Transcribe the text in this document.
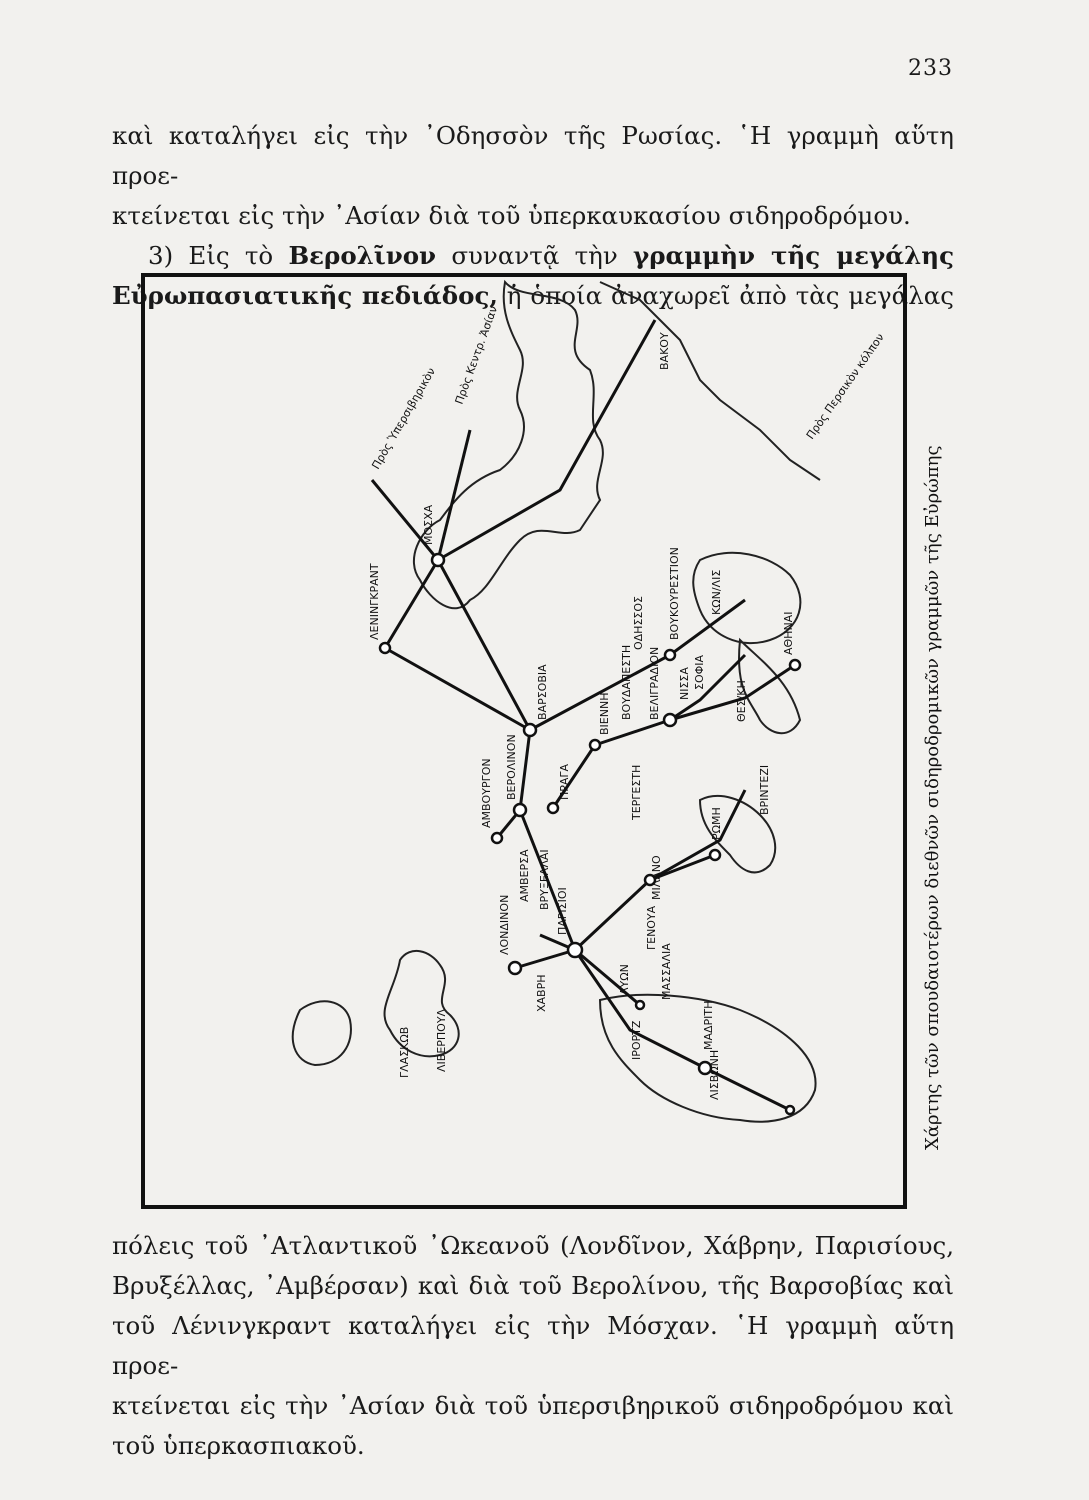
233

καὶ καταλήγει εἰς τὴν ᾿Οδησσὸν τῆς Ρωσίας. ῾Η γραμμὴ αὕτη προε-

κτείνεται εἰς τὴν ᾿Ασίαν διὰ τοῦ ὑπερκαυκασίου σιδηροδρόμου.

3) Εἰς τὸ Βερολῖνον συναντᾷ τὴν γραμμὴν τῆς μεγάλης

Εὐρωπασιατικῆς πεδιάδος, ἡ ὁποία ἀναχωρεῖ ἀπὸ τὰς μεγάλας

ΜΟΣΧΑ
ΛΕΝΙΝΓΚΡΑΝΤ
ΒΑΡΣΟΒΙΑ
ΒΕΡΟΛΙΝΟΝ
ΑΜΒΟΥΡΓΟΝ	ΠΡΑΓΑ
ΒΙΕΝΝΗ ΒΟΥΔΑΠΕΣΤΗ
ΒΟΥΚΟΥΡΕΣΤΙΟΝ
ΟΔΗΣΣΟΣ
ΚΩΝ/ΛΙΣ
ΒΕΛΙΓΡΑΔΙΟΝ	ΣΟΦΙΑ
ΝΙΣΣΑ	ΘΕΣ/ΚΗ
ΑΘΗΝΑΙ
ΤΕΡΓΕΣΤΗ
ΜΙΛΑΝΟ
ΓΕΝΟΥΑ
ΡΩΜΗ
ΒΡΙΝΤΕΖΙ
ΠΑΡΙΣΙΟΙ
ΒΡΥΞΕΛΛΑΙ
ΑΜΒΕΡΣΑ
ΛΟΝΔΙΝΟΝ
ΧΑΒΡΗ	ΛΥΩΝ	ΜΑΣΣΑΛΙΑ
ΜΑΔΡΙΤΗ
ΛΙΣΒΩΝΗ
ΓΛΑΣΚΩΒ ΛΙΒΕΡΠΟΥΛ	ΙΡΟΡΤΖ
ΒΑΚΟΥ
Πρὸς Κεντρ. Ἀσίαν
Πρὸς Ὑπερσιβηρικὸν	Πρὸς Περσικὸν κόλπον
Χάρτης τῶν σπουδαιοτέρων διεθνῶν σιδηροδρομικῶν γραμμῶν τῆς Εὐρώπης

πόλεις τοῦ ᾿Ατλαντικοῦ ᾿Ωκεανοῦ (Λονδῖνον, Χάβρην, Παρισίους,

Βρυξέλλας, ᾿Αμβέρσαν) καὶ διὰ τοῦ Βερολίνου, τῆς Βαρσοβίας καὶ

τοῦ Λένινγκραντ καταλήγει εἰς τὴν Μόσχαν. ῾Η γραμμὴ αὕτη προε-

κτείνεται εἰς τὴν ᾿Ασίαν διὰ τοῦ ὑπερσιβηρικοῦ σιδηροδρόμου καὶ

τοῦ ὑπερκασπιακοῦ.
